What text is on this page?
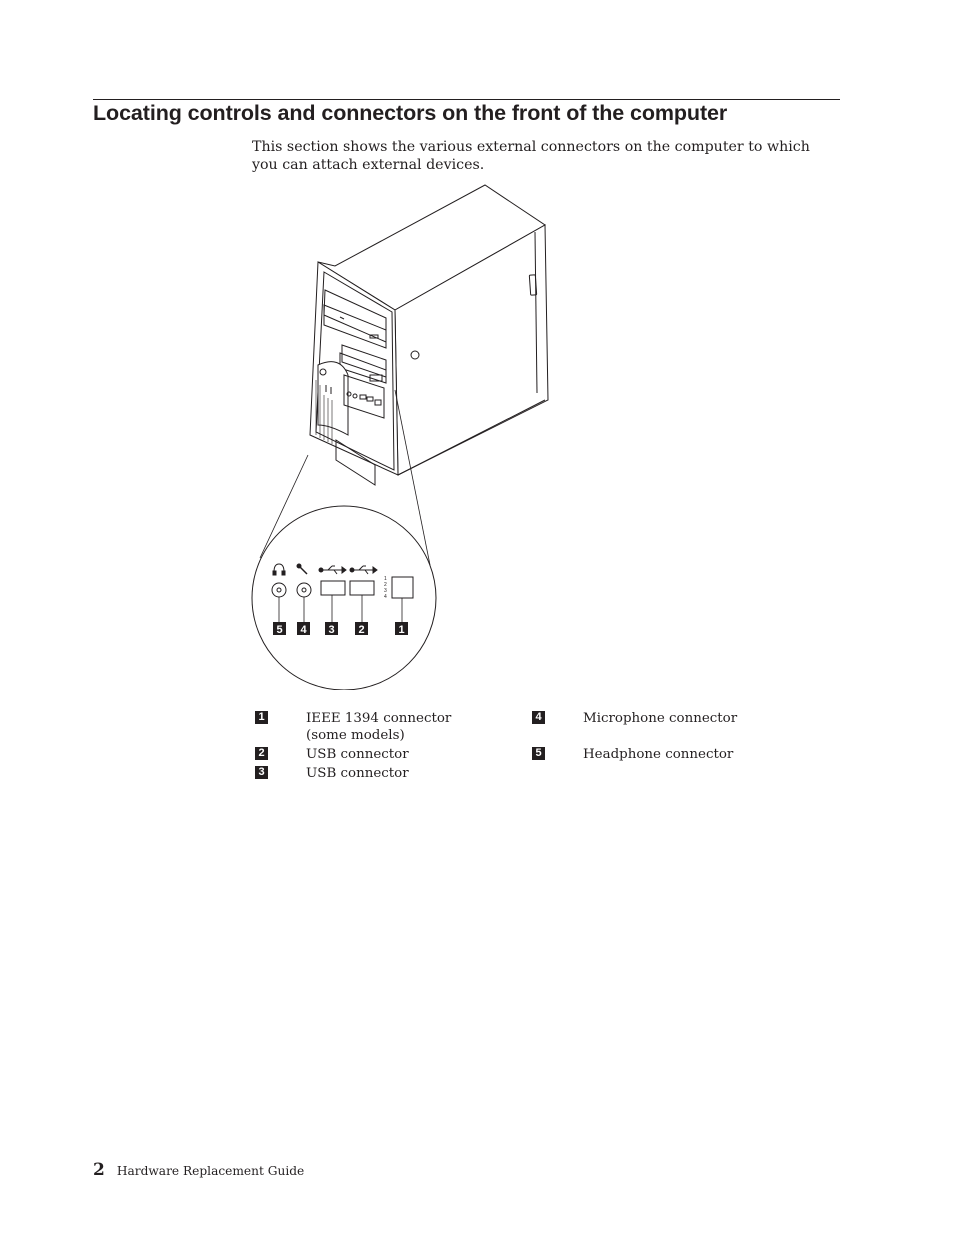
Locating controls and connectors on the front of the computer

This section shows the various external connectors on the computer to which you can attach external devices.

1
2
3
4
5 4 3 2	1
1	IEEE 1394 connector (some models)
2	USB connector
3	USB connector
4	Microphone connector
5	Headphone connector
2 Hardware Replacement Guide
